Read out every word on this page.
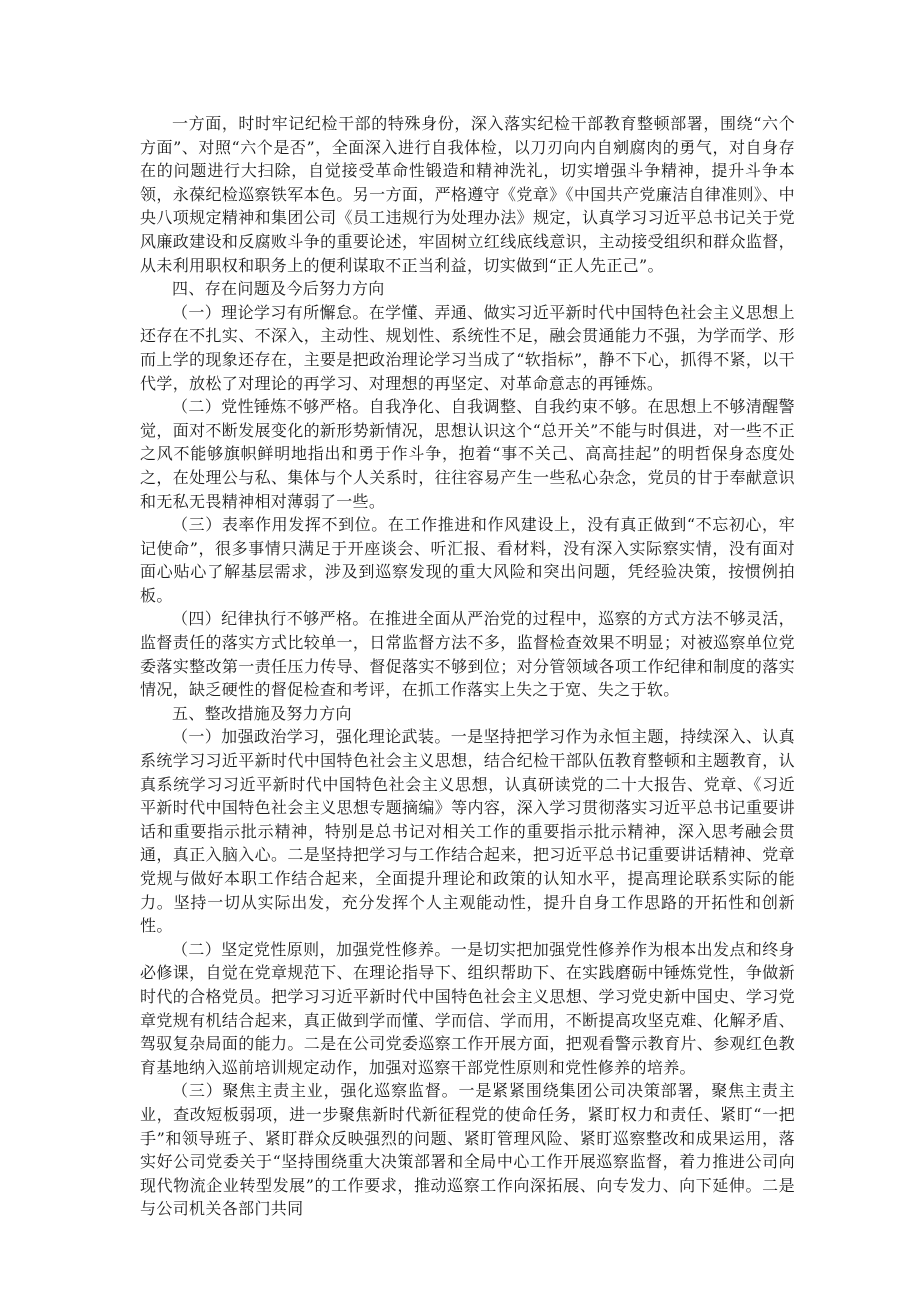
一方面，时时牢记纪检干部的特殊身份，深入落实纪检干部教育整顿部署，围绕“六个方面”、对照“六个是否”，全面深入进行自我体检，以刀刃向内自剜腐肉的勇气，对自身存在的问题进行大扫除，自觉接受革命性锻造和精神洗礼，切实增强斗争精神，提升斗争本领，永葆纪检巡察铁军本色。另一方面，严格遵守《党章》《中国共产党廉洁自律准则》、中央八项规定精神和集团公司《员工违规行为处理办法》规定，认真学习习近平总书记关于党风廉政建设和反腐败斗争的重要论述，牢固树立红线底线意识，主动接受组织和群众监督，从未利用职权和职务上的便利谋取不正当利益，切实做到“正人先正己”。

四、存在问题及今后努力方向

（一）理论学习有所懈怠。在学懂、弄通、做实习近平新时代中国特色社会主义思想上还存在不扎实、不深入，主动性、规划性、系统性不足，融会贯通能力不强，为学而学、形而上学的现象还存在，主要是把政治理论学习当成了“软指标”，静不下心，抓得不紧，以干代学，放松了对理论的再学习、对理想的再坚定、对革命意志的再锤炼。

（二）党性锤炼不够严格。自我净化、自我调整、自我约束不够。在思想上不够清醒警觉，面对不断发展变化的新形势新情况，思想认识这个“总开关”不能与时俱进，对一些不正之风不能够旗帜鲜明地指出和勇于作斗争，抱着“事不关己、高高挂起”的明哲保身态度处之，在处理公与私、集体与个人关系时，往往容易产生一些私心杂念，党员的甘于奉献意识和无私无畏精神相对薄弱了一些。

（三）表率作用发挥不到位。在工作推进和作风建设上，没有真正做到“不忘初心，牢记使命”，很多事情只满足于开座谈会、听汇报、看材料，没有深入实际察实情，没有面对面心贴心了解基层需求，涉及到巡察发现的重大风险和突出问题，凭经验决策，按惯例拍板。

（四）纪律执行不够严格。在推进全面从严治党的过程中，巡察的方式方法不够灵活，监督责任的落实方式比较单一，日常监督方法不多，监督检查效果不明显；对被巡察单位党委落实整改第一责任压力传导、督促落实不够到位；对分管领域各项工作纪律和制度的落实情况，缺乏硬性的督促检查和考评，在抓工作落实上失之于宽、失之于软。

五、整改措施及努力方向

（一）加强政治学习，强化理论武装。一是坚持把学习作为永恒主题，持续深入、认真系统学习习近平新时代中国特色社会主义思想，结合纪检干部队伍教育整顿和主题教育，认真系统学习习近平新时代中国特色社会主义思想，认真研读党的二十大报告、党章、《习近平新时代中国特色社会主义思想专题摘编》等内容，深入学习贯彻落实习近平总书记重要讲话和重要指示批示精神，特别是总书记对相关工作的重要指示批示精神，深入思考融会贯通，真正入脑入心。二是坚持把学习与工作结合起来，把习近平总书记重要讲话精神、党章党规与做好本职工作结合起来，全面提升理论和政策的认知水平，提高理论联系实际的能力。坚持一切从实际出发，充分发挥个人主观能动性，提升自身工作思路的开拓性和创新性。

（二）坚定党性原则，加强党性修养。一是切实把加强党性修养作为根本出发点和终身必修课，自觉在党章规范下、在理论指导下、组织帮助下、在实践磨砺中锤炼党性，争做新时代的合格党员。把学习习近平新时代中国特色社会主义思想、学习党史新中国史、学习党章党规有机结合起来，真正做到学而懂、学而信、学而用，不断提高攻坚克难、化解矛盾、驾驭复杂局面的能力。二是在公司党委巡察工作开展方面，把观看警示教育片、参观红色教育基地纳入巡前培训规定动作，加强对巡察干部党性原则和党性修养的培养。

（三）聚焦主责主业，强化巡察监督。一是紧紧围绕集团公司决策部署，聚焦主责主业，查改短板弱项，进一步聚焦新时代新征程党的使命任务，紧盯权力和责任、紧盯“一把手”和领导班子、紧盯群众反映强烈的问题、紧盯管理风险、紧盯巡察整改和成果运用，落实好公司党委关于“坚持围绕重大决策部署和全局中心工作开展巡察监督，着力推进公司向现代物流企业转型发展”的工作要求，推动巡察工作向深拓展、向专发力、向下延伸。二是与公司机关各部门共同
